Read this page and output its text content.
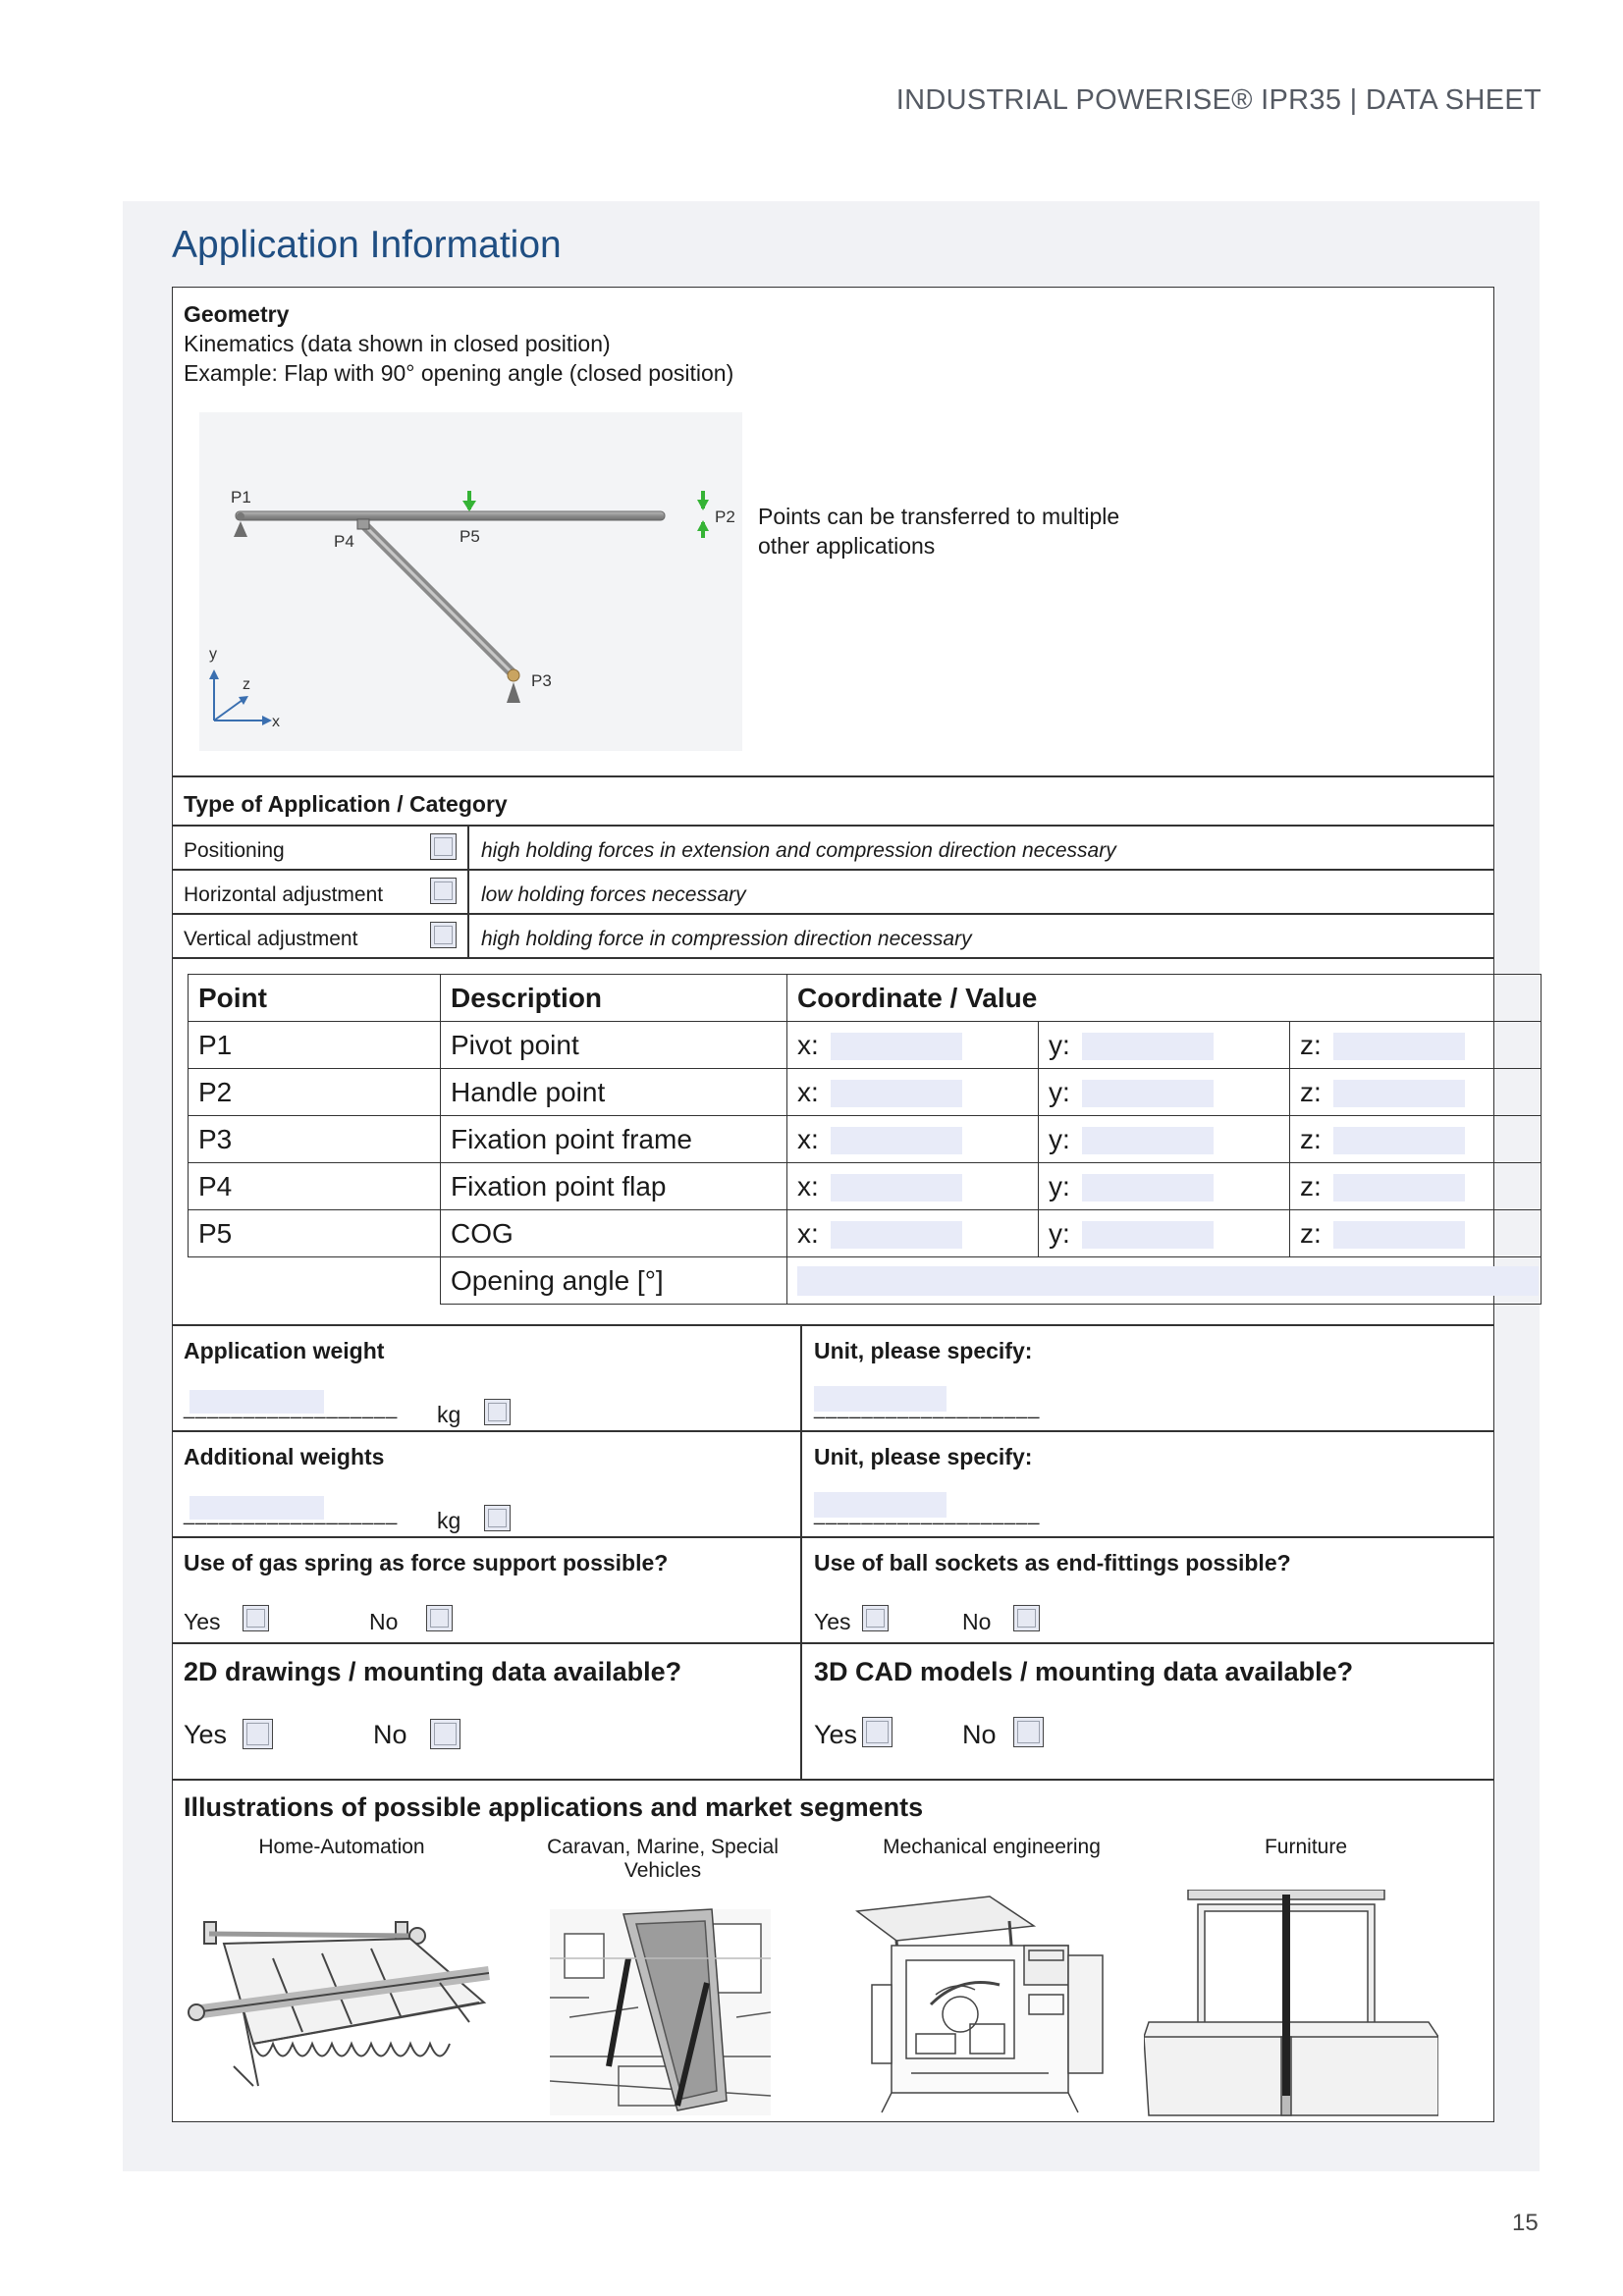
INDUSTRIAL POWERISE® IPR35 | DATA SHEET
Application Information
Geometry
Kinematics (data shown in closed position)
Example: Flap with 90° opening angle (closed position)
P1
P4	P5
P2
P3
y
z
x
Points can be transferred to multiple
other applications
Type of Application / Category
Positioning	high holding forces in extension and compression direction necessary
Horizontal adjustment	low holding forces necessary
Vertical adjustment	high holding force in compression direction necessary
Point	Description	Coordinate / Value		
P1	Pivot point	x:	y:	z:

P2	Handle point	x:	y:	z:

P3	Fixation point frame	x:	y:	z:

P4	Fixation point flap	x:	y:	z:

P5	COG	x:	y:	z:

	Opening angle [°]			
Application weight
__________________ kg
Unit, please specify:
___________________
Additional weights
__________________ kg
Unit, please specify:
___________________
Use of gas spring as force support possible?
Yes	No
Use of ball sockets as end-fittings possible?
Yes	No
2D drawings / mounting data available?
Yes	No
3D CAD models / mounting data available?
Yes	No
Illustrations of possible applications and market segments
Home-Automation	Caravan, Marine, Special Vehicles
Mechanical engineering	Furniture
15
